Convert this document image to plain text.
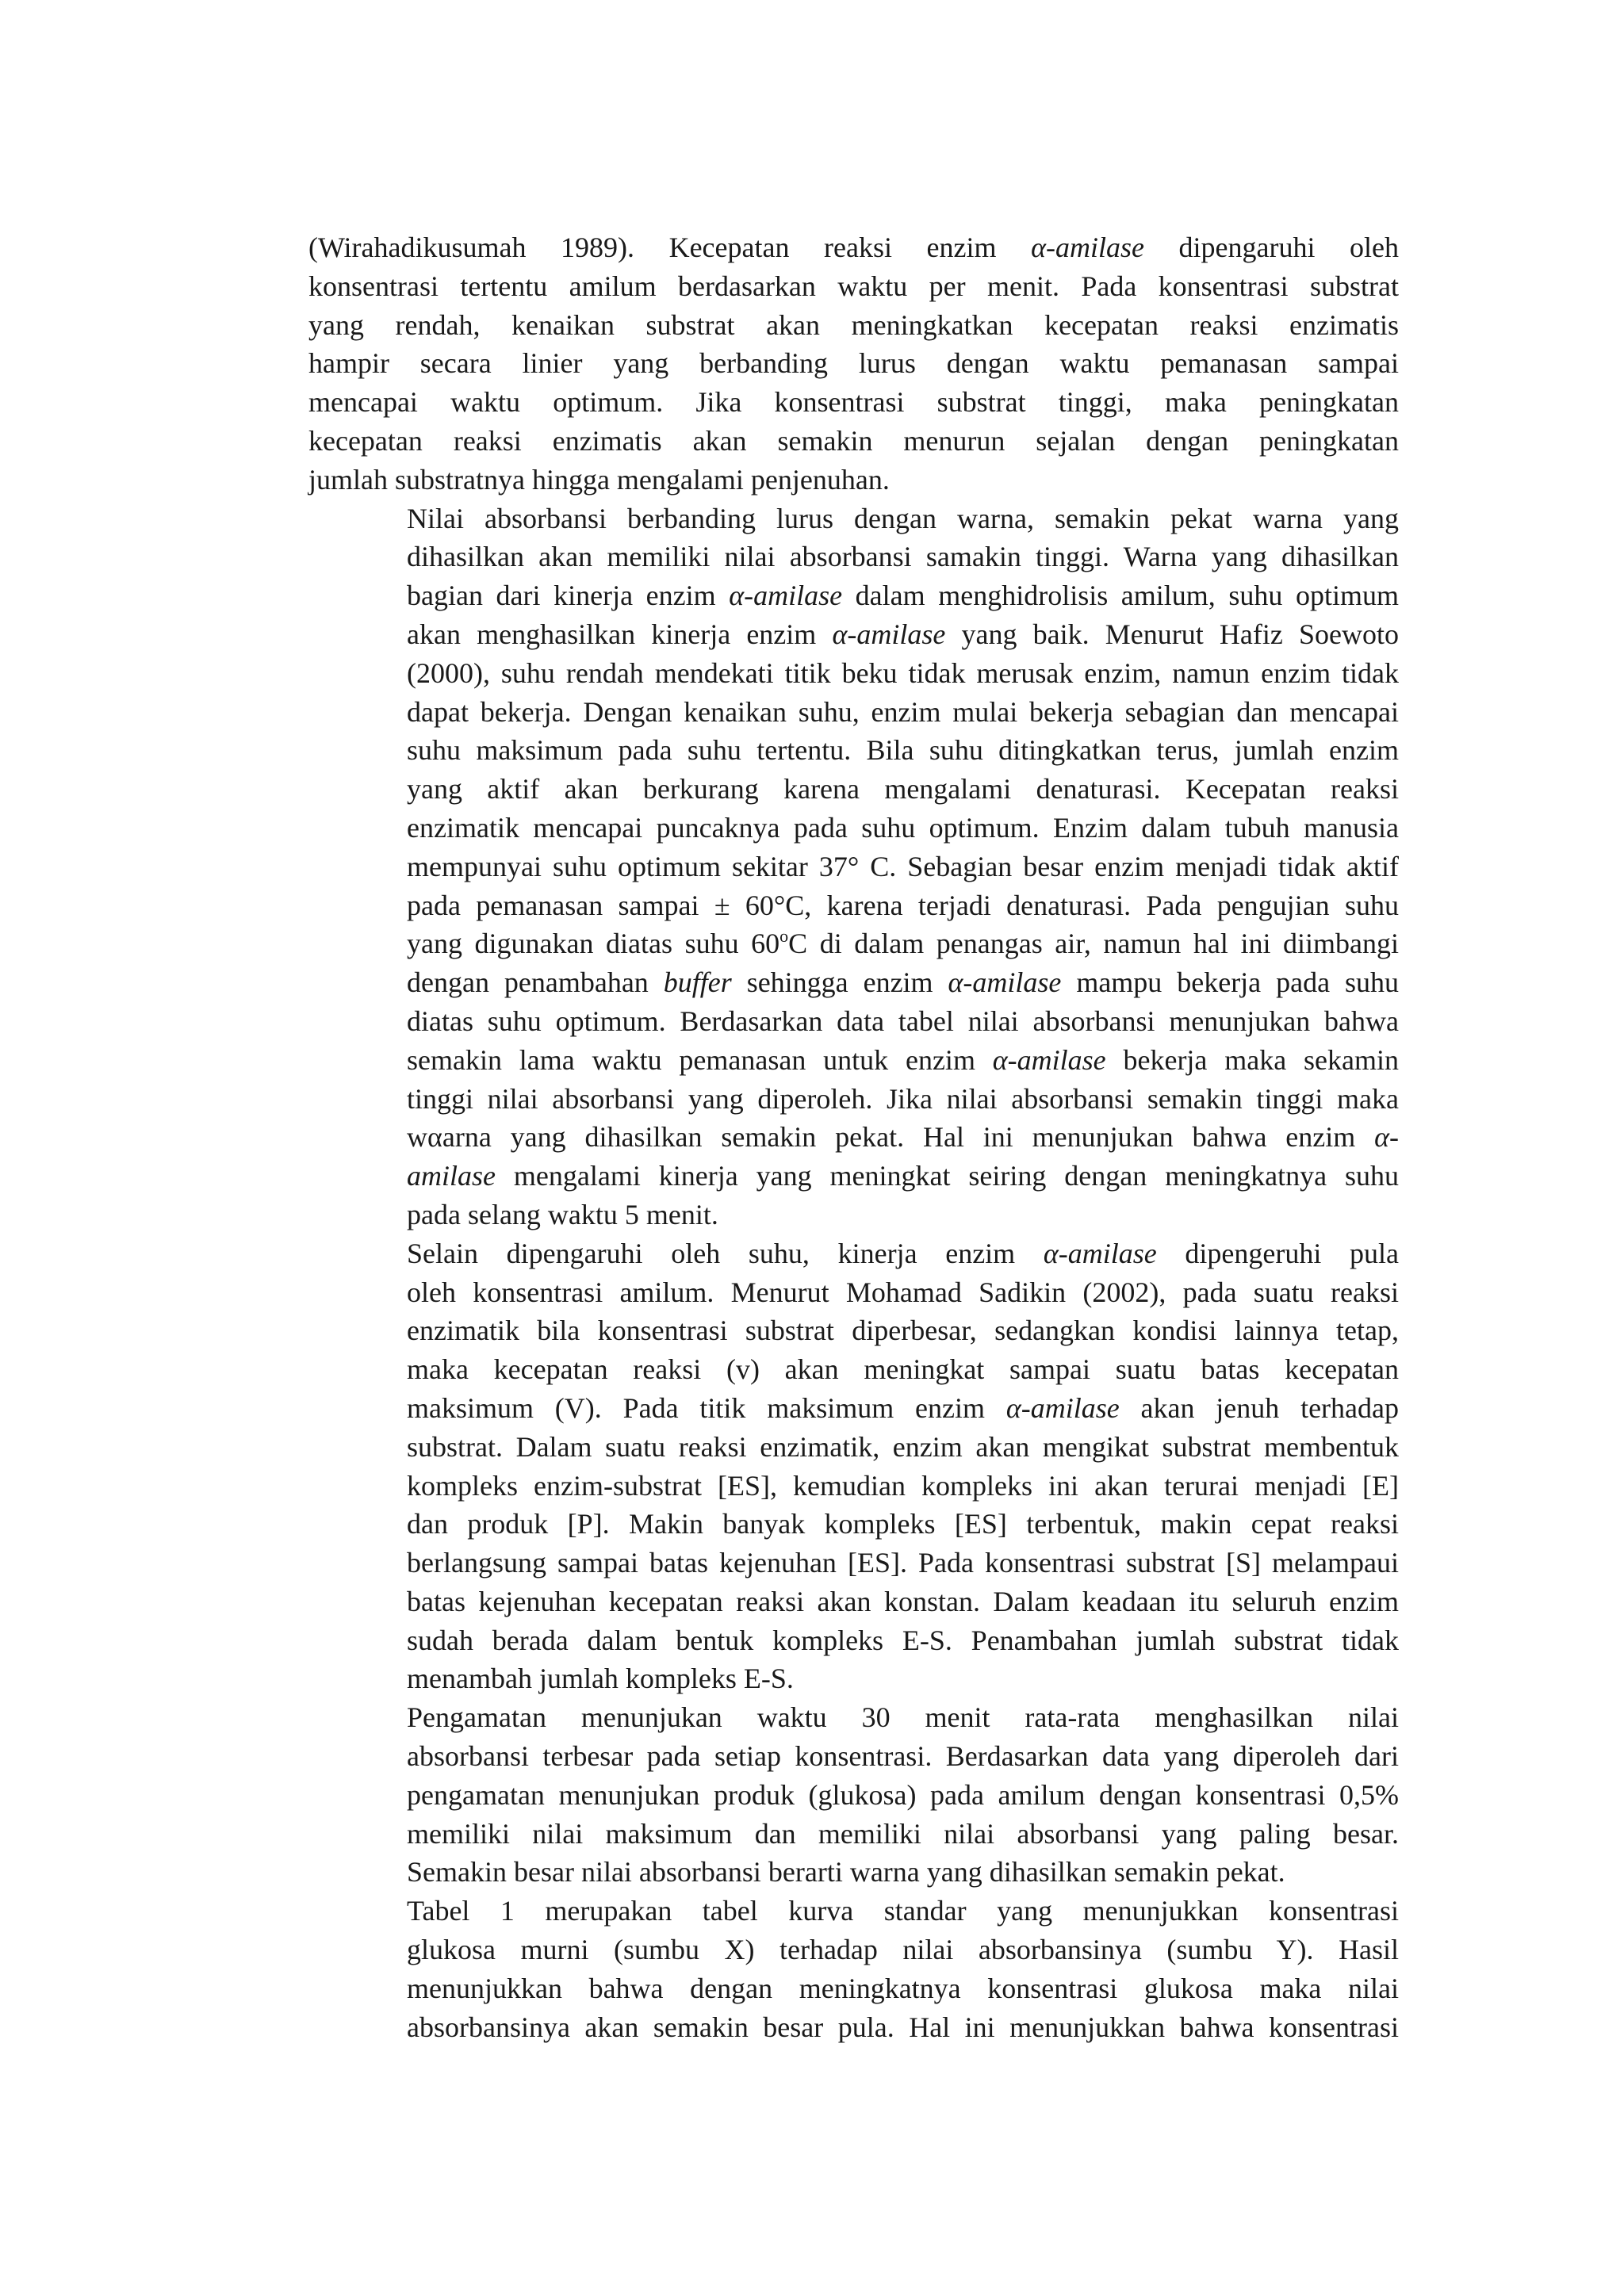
(Wirahadikusumah 1989). Kecepatan reaksi enzim α-amilase dipengaruhi oleh
konsentrasi tertentu amilum berdasarkan waktu per menit. Pada konsentrasi substrat
yang rendah, kenaikan substrat akan meningkatkan kecepatan reaksi enzimatis
hampir secara linier yang berbanding lurus dengan waktu pemanasan sampai
mencapai waktu optimum. Jika konsentrasi substrat tinggi, maka peningkatan
kecepatan reaksi enzimatis akan semakin menurun sejalan dengan peningkatan
jumlah substratnya hingga mengalami penjenuhan.
Nilai absorbansi berbanding lurus dengan warna, semakin pekat warna yang
dihasilkan akan memiliki nilai absorbansi samakin tinggi. Warna yang dihasilkan
bagian dari kinerja enzim α-amilase dalam menghidrolisis amilum, suhu optimum
akan menghasilkan kinerja enzim α-amilase yang baik. Menurut Hafiz Soewoto
(2000), suhu rendah mendekati titik beku tidak merusak enzim, namun enzim tidak
dapat bekerja. Dengan kenaikan suhu, enzim mulai bekerja sebagian dan mencapai
suhu maksimum pada suhu tertentu. Bila suhu ditingkatkan terus, jumlah enzim
yang aktif akan berkurang karena mengalami denaturasi. Kecepatan reaksi
enzimatik mencapai puncaknya pada suhu optimum. Enzim dalam tubuh manusia
mempunyai suhu optimum sekitar 37° C. Sebagian besar enzim menjadi tidak aktif
pada pemanasan sampai ± 60°C, karena terjadi denaturasi. Pada pengujian suhu
yang digunakan diatas suhu 60$^o$C di dalam penangas air, namun hal ini diimbangi
dengan penambahan buffer sehingga enzim α-amilase mampu bekerja pada suhu
diatas suhu optimum. Berdasarkan data tabel nilai absorbansi menunjukan bahwa
semakin lama waktu pemanasan untuk enzim α-amilase bekerja maka sekamin
tinggi nilai absorbansi yang diperoleh. Jika nilai absorbansi semakin tinggi maka
wαarna yang dihasilkan semakin pekat. Hal ini menunjukan bahwa enzim α-
amilase mengalami kinerja yang meningkat seiring dengan meningkatnya suhu
pada selang waktu 5 menit.
Selain dipengaruhi oleh suhu, kinerja enzim α-amilase dipengeruhi pula
oleh konsentrasi amilum. Menurut Mohamad Sadikin (2002), pada suatu reaksi
enzimatik bila konsentrasi substrat diperbesar, sedangkan kondisi lainnya tetap,
maka kecepatan reaksi (v) akan meningkat sampai suatu batas kecepatan
maksimum (V). Pada titik maksimum enzim α-amilase akan jenuh terhadap
substrat. Dalam suatu reaksi enzimatik, enzim akan mengikat substrat membentuk
kompleks enzim-substrat [ES], kemudian kompleks ini akan terurai menjadi [E]
dan produk [P]. Makin banyak kompleks [ES] terbentuk, makin cepat reaksi
berlangsung sampai batas kejenuhan [ES]. Pada konsentrasi substrat [S] melampaui
batas kejenuhan kecepatan reaksi akan konstan. Dalam keadaan itu seluruh enzim
sudah berada dalam bentuk kompleks E-S. Penambahan jumlah substrat tidak
menambah jumlah kompleks E-S.
Pengamatan menunjukan waktu 30 menit rata-rata menghasilkan nilai
absorbansi terbesar pada setiap konsentrasi. Berdasarkan data yang diperoleh dari
pengamatan menunjukan produk (glukosa) pada amilum dengan konsentrasi 0,5%
memiliki nilai maksimum dan memiliki nilai absorbansi yang paling besar.
Semakin besar nilai absorbansi berarti warna yang dihasilkan semakin pekat.
Tabel 1 merupakan tabel kurva standar yang menunjukkan konsentrasi
glukosa murni (sumbu X) terhadap nilai absorbansinya (sumbu Y). Hasil
menunjukkan bahwa dengan meningkatnya konsentrasi glukosa maka nilai
absorbansinya akan semakin besar pula. Hal ini menunjukkan bahwa konsentrasi
